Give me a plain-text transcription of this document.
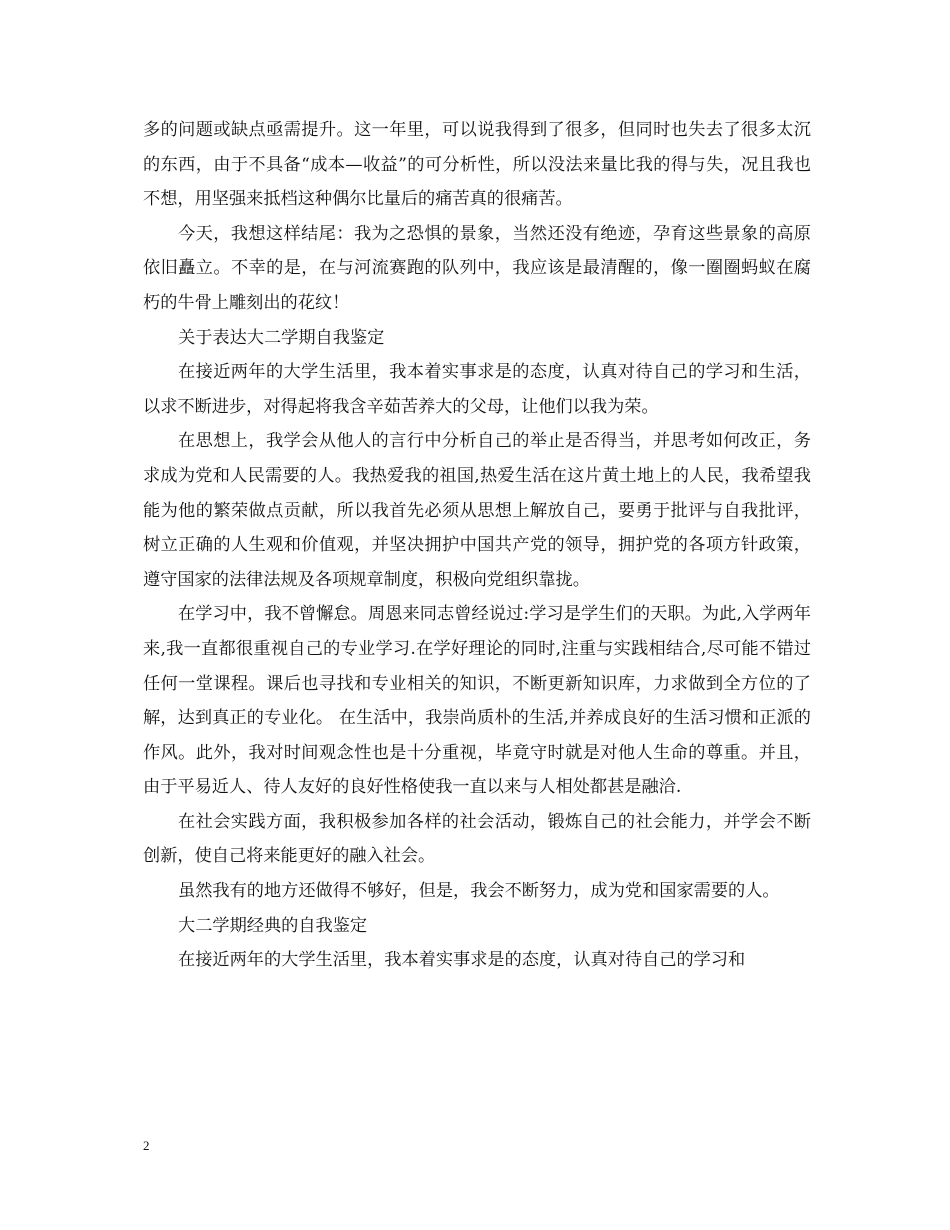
多的问题或缺点亟需提升。这一年里，可以说我得到了很多，但同时也失去了很多太沉的东西，由于不具备“成本—收益”的可分析性，所以没法来量比我的得与失，况且我也不想，用坚强来抵档这种偶尔比量后的痛苦真的很痛苦。

今天，我想这样结尾：我为之恐惧的景象，当然还没有绝迹，孕育这些景象的高原依旧矗立。不幸的是，在与河流赛跑的队列中，我应该是最清醒的，像一圈圈蚂蚁在腐朽的牛骨上雕刻出的花纹！

关于表达大二学期自我鉴定

在接近两年的大学生活里，我本着实事求是的态度，认真对待自己的学习和生活，以求不断进步，对得起将我含辛茹苦养大的父母，让他们以我为荣。

在思想上，我学会从他人的言行中分析自己的举止是否得当，并思考如何改正，务求成为党和人民需要的人。我热爱我的祖国,热爱生活在这片黄土地上的人民，我希望我能为他的繁荣做点贡献，所以我首先必须从思想上解放自己，要勇于批评与自我批评，树立正确的人生观和价值观，并坚决拥护中国共产党的领导，拥护党的各项方针政策，遵守国家的法律法规及各项规章制度，积极向党组织靠拢。

在学习中，我不曾懈怠。周恩来同志曾经说过:学习是学生们的天职。为此,入学两年来,我一直都很重视自己的专业学习.在学好理论的同时,注重与实践相结合,尽可能不错过任何一堂课程。课后也寻找和专业相关的知识，不断更新知识库，力求做到全方位的了解，达到真正的专业化。 在生活中，我崇尚质朴的生活,并养成良好的生活习惯和正派的作风。此外，我对时间观念性也是十分重视，毕竟守时就是对他人生命的尊重。并且，由于平易近人、待人友好的良好性格使我一直以来与人相处都甚是融洽.

在社会实践方面，我积极参加各样的社会活动，锻炼自己的社会能力，并学会不断创新，使自己将来能更好的融入社会。

虽然我有的地方还做得不够好，但是，我会不断努力，成为党和国家需要的人。

大二学期经典的自我鉴定

在接近两年的大学生活里，我本着实事求是的态度，认真对待自己的学习和

2
